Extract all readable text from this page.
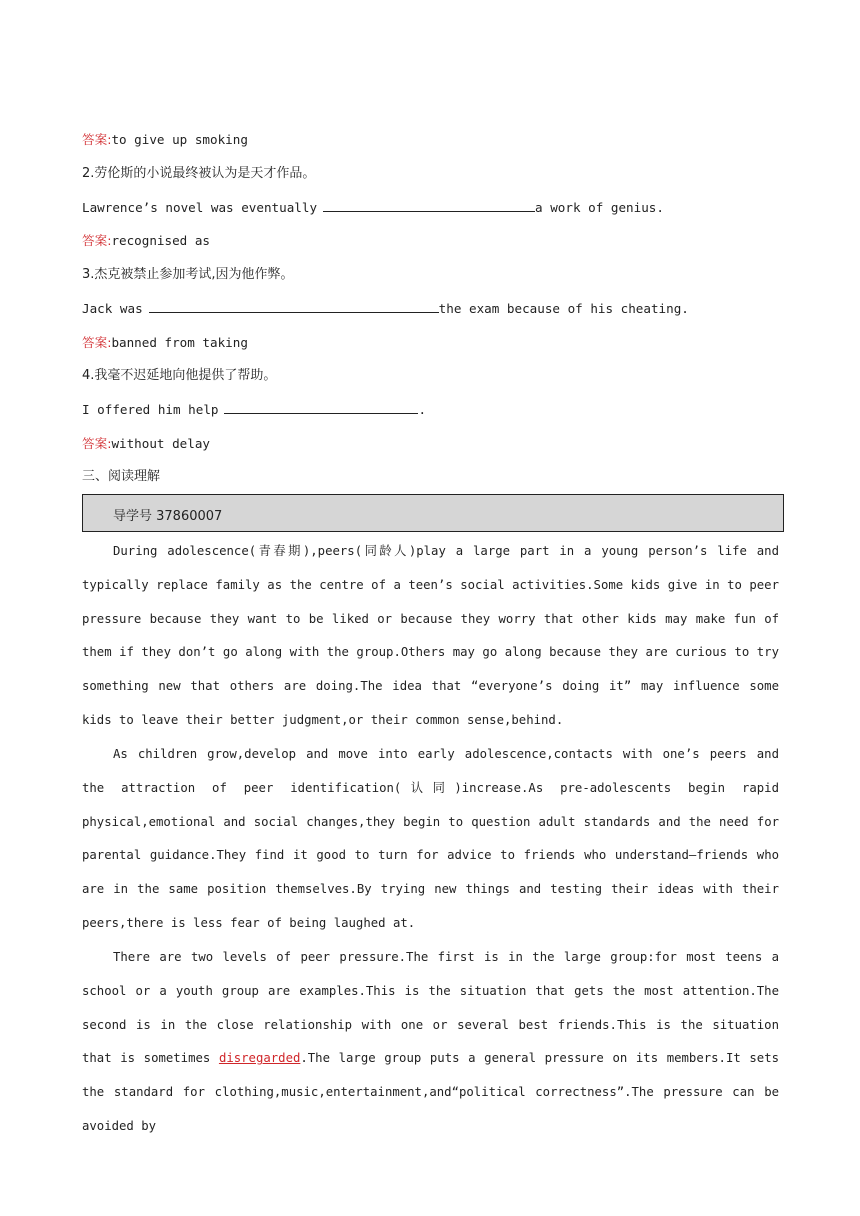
答案:to give up smoking
2.劳伦斯的小说最终被认为是天才作品。
Lawrence’s novel was eventually	a work of genius.
答案:recognised as
3.杰克被禁止参加考试,因为他作弊。
Jack was	the exam because of his cheating.
答案:banned from taking
4.我毫不迟延地向他提供了帮助。
I offered him help	.
答案:without delay
三、阅读理解
导学号 37860007
During adolescence(青春期),peers(同龄人)play a large part in a young person’s life and typically replace family as the centre of a teen’s social activities.Some kids give in to peer pressure because they want to be liked or because they worry that other kids may make fun of them if they don’t go along with the group.Others may go along because they are curious to try something new that others are doing.The idea that “everyone’s doing it” may influence some kids to leave their better judgment,or their common sense,behind.
As children grow,develop and move into early adolescence,contacts with one’s peers and the attraction of peer identification(认同)increase.As pre-adolescents begin rapid physical,emotional and social changes,they begin to question adult standards and the need for parental guidance.They find it good to turn for advice to friends who understand—friends who are in the same position themselves.By trying new things and testing their ideas with their peers,there is less fear of being laughed at.
There are two levels of peer pressure.The first is in the large group:for most teens a school or a youth group are examples.This is the situation that gets the most attention.The second is in the close relationship with one or several best friends.This is the situation that is sometimes disregarded.The large group puts a general pressure on its members.It sets the standard for clothing,music,entertainment,and“political correctness”.The pressure can be avoided by
